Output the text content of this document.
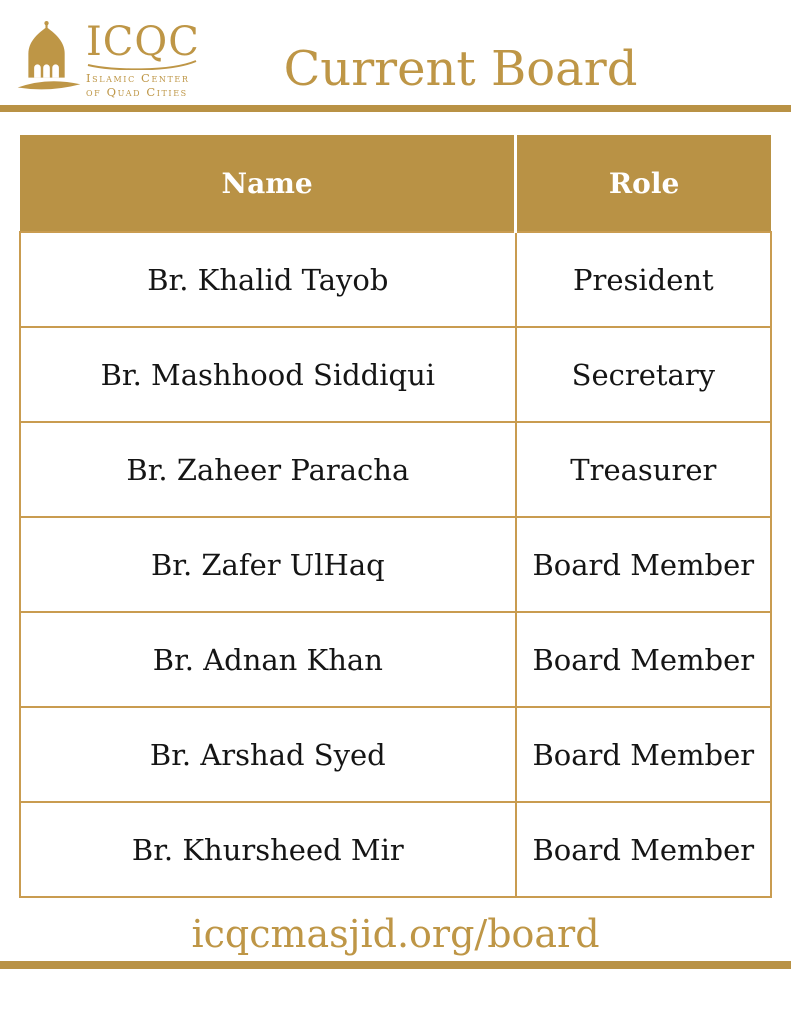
ICQC
Islamic Center
of Quad Cities	Current Board
Name	Role
Br. Khalid Tayob	President
Br. Mashhood Siddiqui	Secretary
Br. Zaheer Paracha	Treasurer
Br. Zafer UlHaq	Board Member
Br. Adnan Khan	Board Member
Br. Arshad Syed	Board Member
Br. Khursheed Mir	Board Member
icqcmasjid.org/board
